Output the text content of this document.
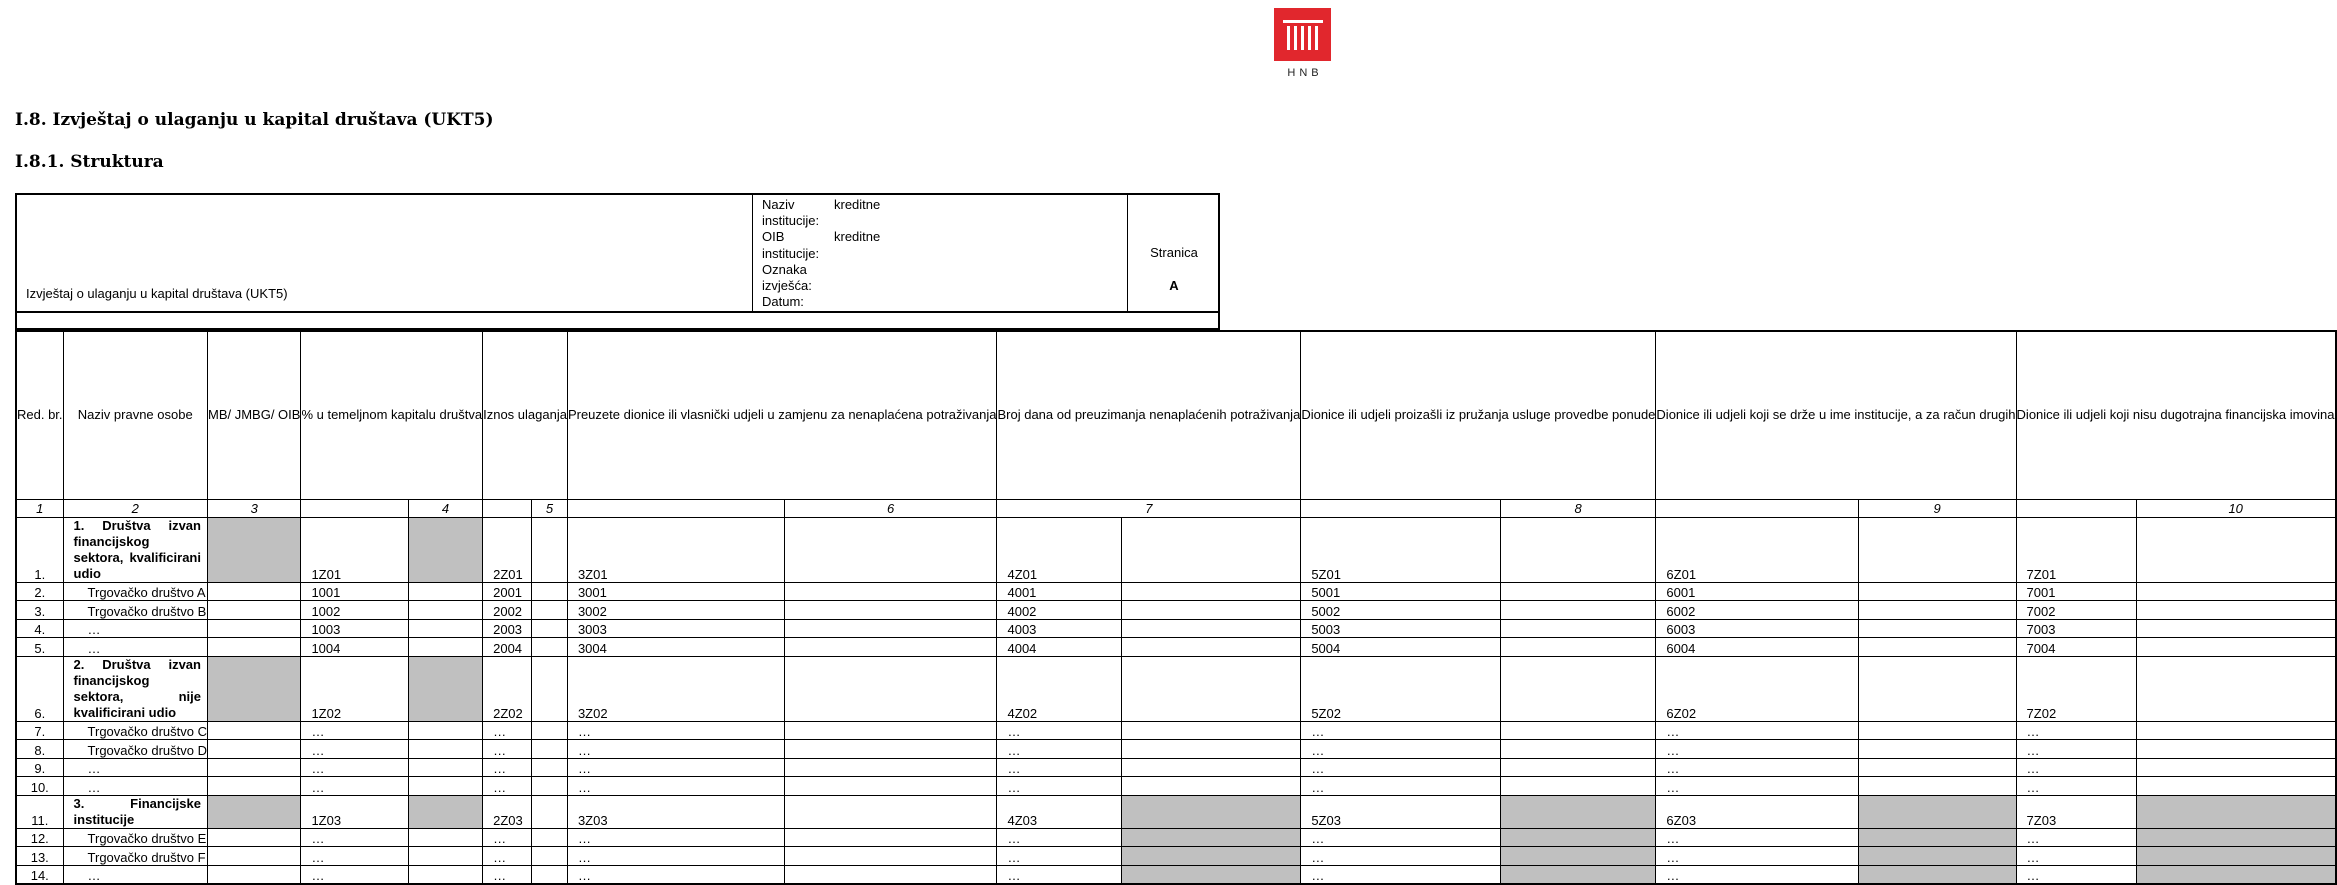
HNB
I.8. Izvještaj o ulaganju u kapital društava (UKT5)
I.8.1. Struktura
Izvještaj o ulaganju u kapital društava (UKT5)
Naziv	kreditne
institucije:
OIB	kreditne
institucije:
Oznaka
izvješća:
Datum:
Stranica
A
Red. br.	Naziv pravne osobe	MB/ JMBG/ OIB	% u temeljnom kapitalu društva		Iznos ulaganja		Preuzete dionice ili vlasnički udjeli u zamjenu za nenaplaćena potraživanja		Broj dana od preuzimanja nenaplaćenih potraživanja		Dionice ili udjeli proizašli iz pružanja usluge provedbe ponude		Dionice ili udjeli koji se drže u ime institucije, a za račun drugih		Dionice ili udjeli koji nisu dugotrajna financijska imovina	
1	2	3		4		5		6	7			8		9		10
1.	1. Društva izvan financijskog sektora, kvalificirani udio		1Z01		2Z01		3Z01		4Z01		5Z01		6Z01		7Z01	
2.	Trgovačko društvo A		1001		2001		3001		4001		5001		6001		7001	
3.	Trgovačko društvo B		1002		2002		3002		4002		5002		6002		7002	
4.	…		1003		2003		3003		4003		5003		6003		7003	
5.	…		1004		2004		3004		4004		5004		6004		7004	
6.	2. Društva izvan financijskog sektora, nije kvalificirani udio		1Z02		2Z02		3Z02		4Z02		5Z02		6Z02		7Z02	
7.	Trgovačko društvo C		…		…		…		…		…		…		…	
8.	Trgovačko društvo D		…		…		…		…		…		…		…	
9.	…		…		…		…		…		…		…		…	
10.	…		…		…		…		…		…		…		…	
11.	3. Financijske institucije		1Z03		2Z03		3Z03		4Z03		5Z03		6Z03		7Z03	
12.	Trgovačko društvo E		…		…		…		…		…		…		…	
13.	Trgovačko društvo F		…		…		…		…		…		…		…	
14.	…		…		…		…		…		…		…		…	
